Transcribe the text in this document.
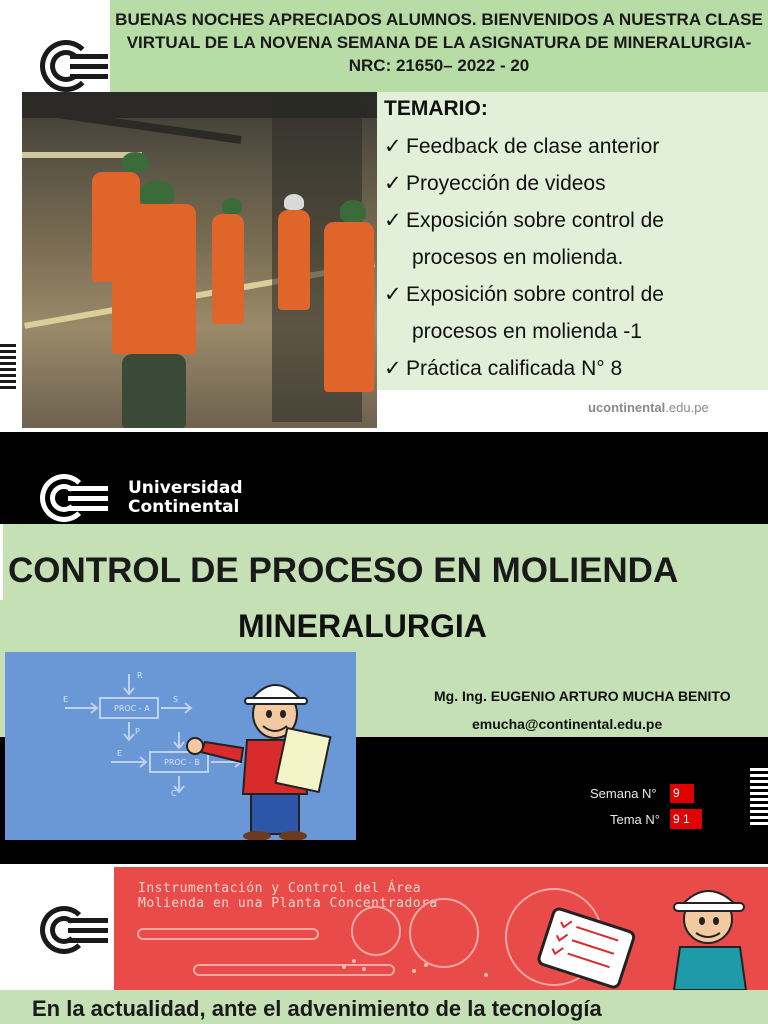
BUENAS NOCHES APRECIADOS ALUMNOS. BIENVENIDOS A NUESTRA CLASE VIRTUAL DE LA NOVENA SEMANA DE LA ASIGNATURA DE MINERALURGIA- NRC: 21650– 2022 - 20
TEMARIO:
✓ Feedback de clase anterior
✓ Proyección de videos
✓ Exposición sobre control de
procesos en molienda.
✓ Exposición sobre control de
procesos en molienda -1
✓ Práctica calificada N° 8
ucontinental.edu.pe
Universidad
Continental
CONTROL DE PROCESO EN MOLIENDA
MINERALURGIA
PROC - A
PROC - B
E
R
S
P
C
E
Mg. Ing. EUGENIO ARTURO MUCHA BENITO
emucha@continental.edu.pe
Semana N° 9
Tema N° 9 1
Instrumentación y Control del Área
Molienda en una Planta Concentradora
En la actualidad, ante el advenimiento de la tecnología
